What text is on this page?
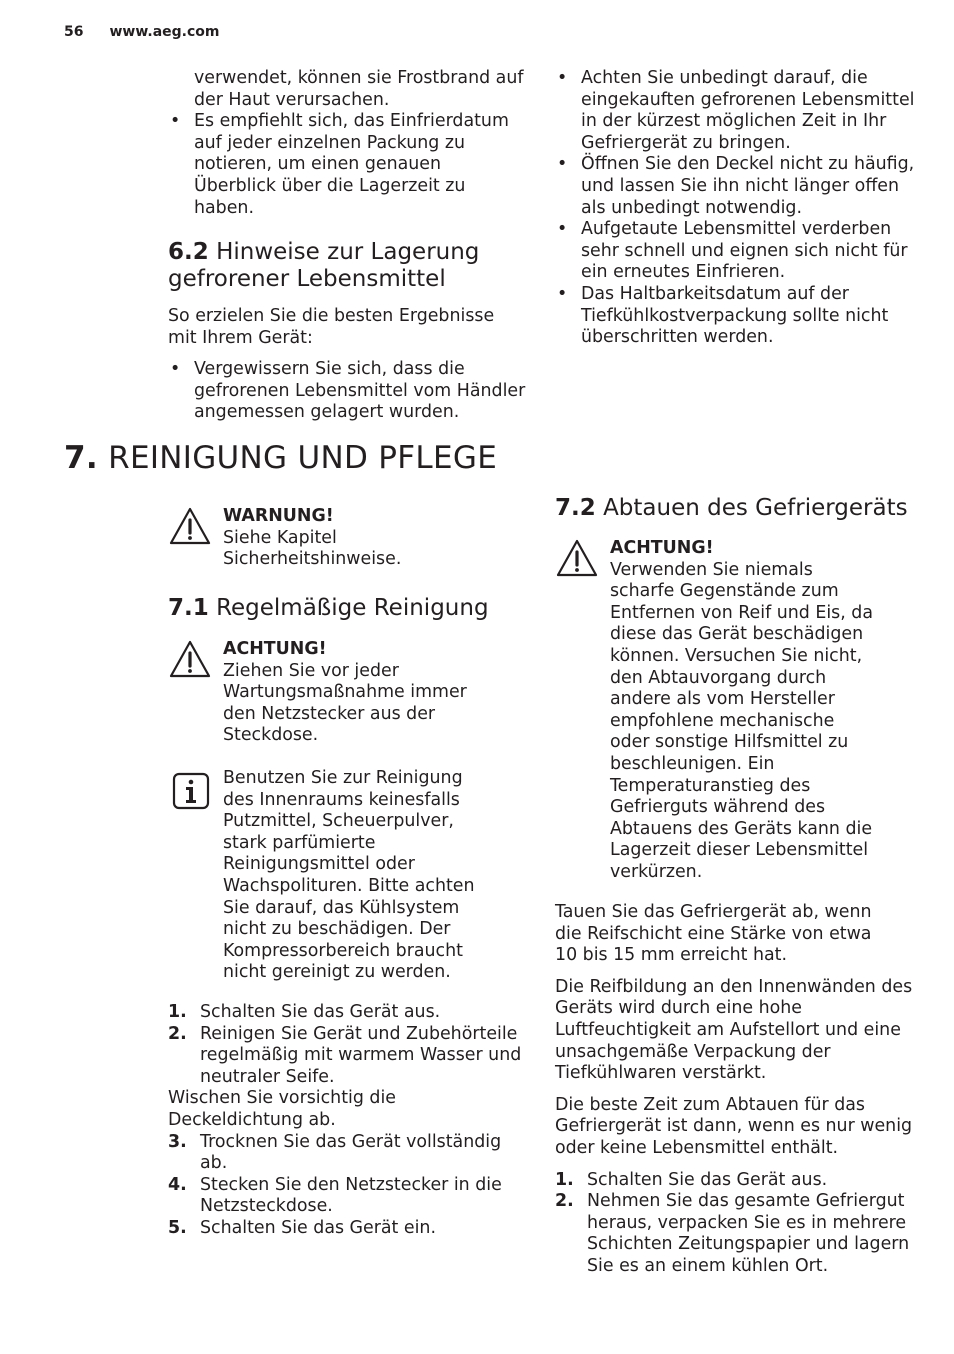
56 www.aeg.com
verwendet, können sie Frostbrand auf der Haut verursachen.
• Es empfiehlt sich, das Einfrierdatum auf jeder einzelnen Packung zu notieren, um einen genauen Überblick über die Lagerzeit zu haben.
6.2 Hinweise zur Lagerung
gefrorener Lebensmittel

So erzielen Sie die besten Ergebnisse mit Ihrem Gerät:

• Vergewissern Sie sich, dass die gefrorenen Lebensmittel vom Händler angemessen gelagert wurden.
• Achten Sie unbedingt darauf, die eingekauften gefrorenen Lebensmittel in der kürzest möglichen Zeit in Ihr Gefriergerät zu bringen.
• Öffnen Sie den Deckel nicht zu häufig, und lassen Sie ihn nicht länger offen als unbedingt notwendig.
• Aufgetaute Lebensmittel verderben sehr schnell und eignen sich nicht für ein erneutes Einfrieren.
• Das Haltbarkeitsdatum auf der Tiefkühlkostverpackung sollte nicht überschritten werden.
7. REINIGUNG UND PFLEGE
WARNUNG!
Siehe Kapitel
Sicherheitshinweise.
7.1 Regelmäßige Reinigung
ACHTUNG!
Ziehen Sie vor jeder Wartungsmaßnahme immer den Netzstecker aus der Steckdose.
Benutzen Sie zur Reinigung des Innenraums keinesfalls Putzmittel, Scheuerpulver, stark parfümierte Reinigungsmittel oder Wachspolituren. Bitte achten Sie darauf, das Kühlsystem nicht zu beschädigen. Der Kompressorbereich braucht nicht gereinigt zu werden.
1. Schalten Sie das Gerät aus.
2. Reinigen Sie Gerät und Zubehörteile regelmäßig mit warmem Wasser und neutraler Seife.

Wischen Sie vorsichtig die Deckeldichtung ab.

3. Trocknen Sie das Gerät vollständig ab.
4. Stecken Sie den Netzstecker in die Netzsteckdose.
5. Schalten Sie das Gerät ein.
7.2 Abtauen des Gefriergeräts
ACHTUNG!
Verwenden Sie niemals scharfe Gegenstände zum Entfernen von Reif und Eis, da diese das Gerät beschädigen können. Versuchen Sie nicht, den Abtauvorgang durch andere als vom Hersteller empfohlene mechanische oder sonstige Hilfsmittel zu beschleunigen. Ein Temperaturanstieg des Gefrierguts während des Abtauens des Geräts kann die Lagerzeit dieser Lebensmittel verkürzen.

Tauen Sie das Gefriergerät ab, wenn die Reifschicht eine Stärke von etwa 10 bis 15 mm erreicht hat.

Die Reifbildung an den Innenwänden des Geräts wird durch eine hohe Luftfeuchtigkeit am Aufstellort und eine unsachgemäße Verpackung der Tiefkühlwaren verstärkt.

Die beste Zeit zum Abtauen für das Gefriergerät ist dann, wenn es nur wenig oder keine Lebensmittel enthält.

1. Schalten Sie das Gerät aus.
2. Nehmen Sie das gesamte Gefriergut heraus, verpacken Sie es in mehrere Schichten Zeitungspapier und lagern Sie es an einem kühlen Ort.
